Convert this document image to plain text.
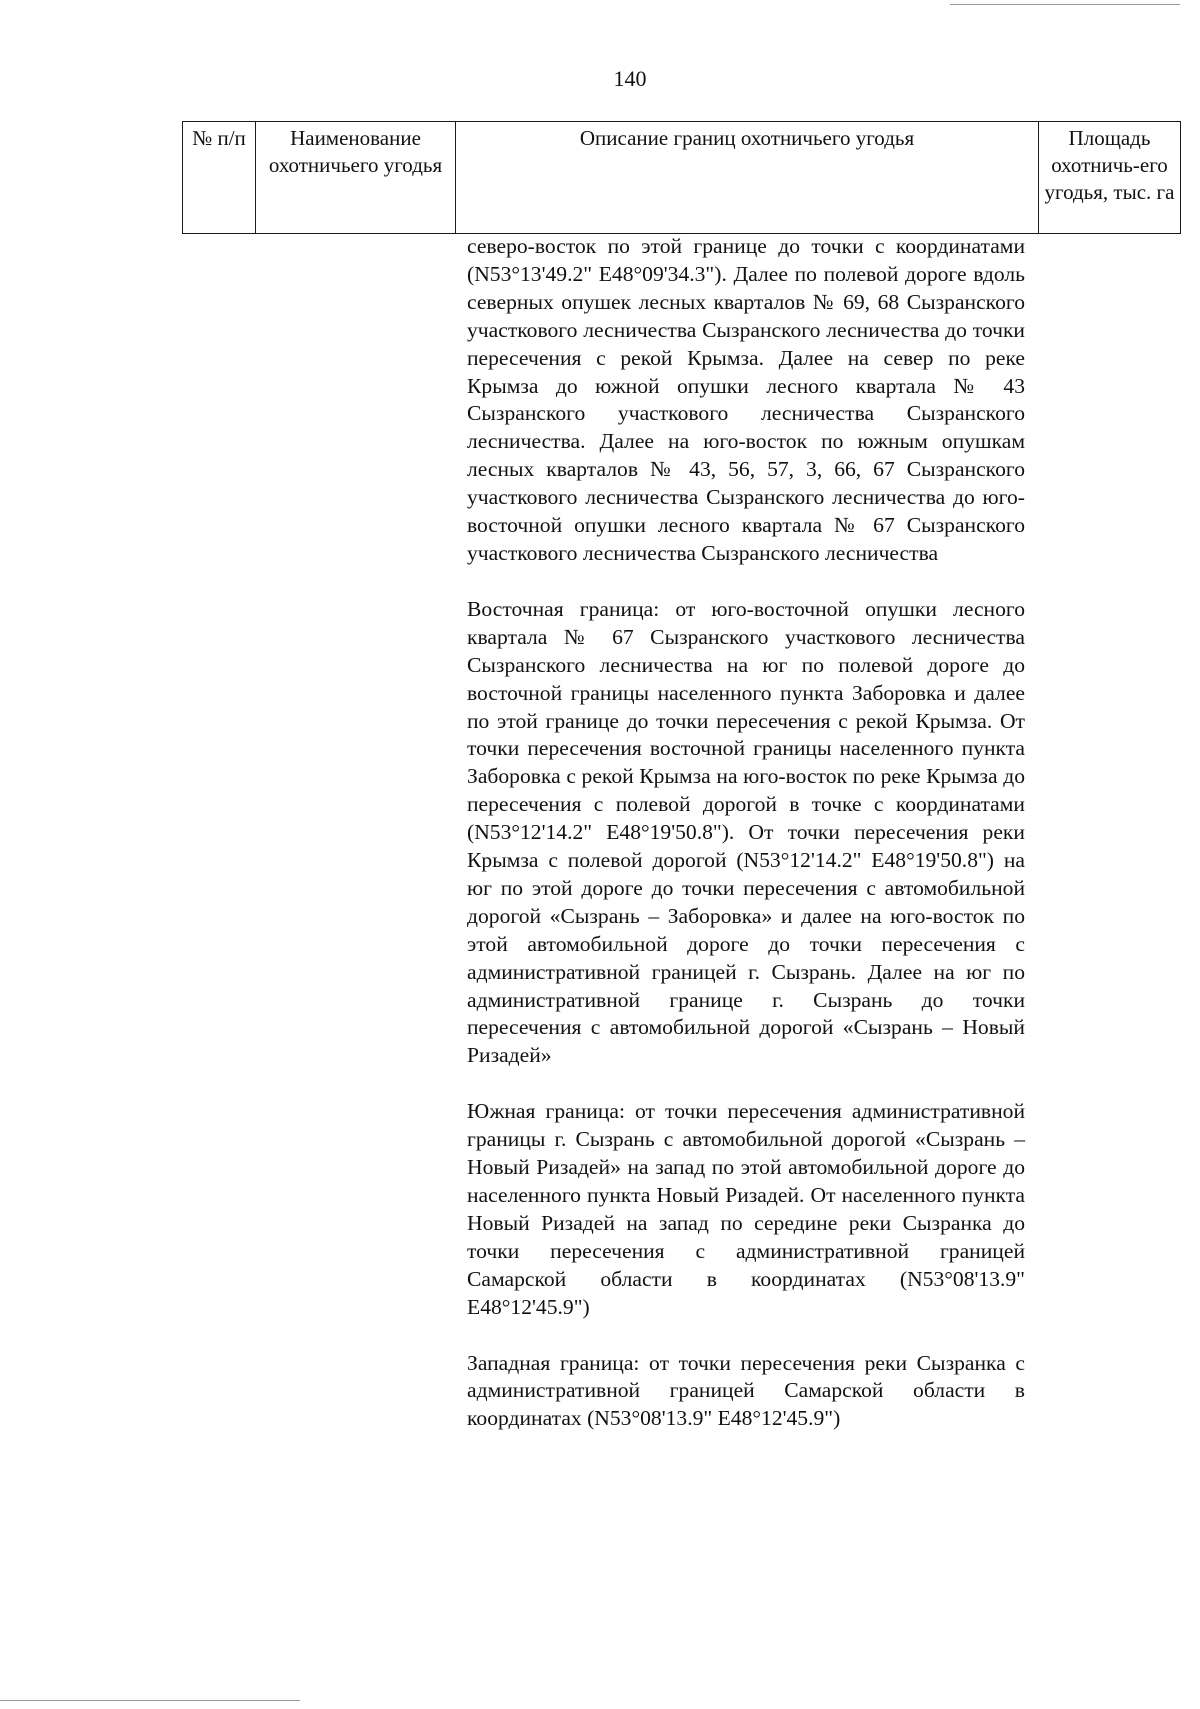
140
№ п/п	Наименование охотничьего угодья	Описание границ охотничьего угодья	Площадь охотничь-его угодья, тыс. га

северо-восток по этой границе до точки с координатами (N53°13'49.2" E48°09'34.3"). Далее по полевой дороге вдоль северных опушек лесных кварталов № 69, 68 Сызранского участкового лесничества Сызранского лесничества до точки пересечения с рекой Крымза. Далее на север по реке Крымза до южной опушки лесного квартала № 43 Сызранского участкового лесничества Сызранского лесничества. Далее на юго-восток по южным опушкам лесных кварталов № 43, 56, 57, 3, 66, 67 Сызранского участкового лесничества Сызранского лесничества до юго-восточной опушки лесного квартала № 67 Сызранского участкового лесничества Сызранского лесничества

Восточная граница: от юго-восточной опушки лесного квартала № 67 Сызранского участкового лесничества Сызранского лесничества на юг по полевой дороге до восточной границы населенного пункта Заборовка и далее по этой границе до точки пересечения с рекой Крымза. От точки пересечения восточной границы населенного пункта Заборовка с рекой Крымза на юго-восток по реке Крымза до пересечения с полевой дорогой в точке с координатами (N53°12'14.2" E48°19'50.8"). От точки пересечения реки Крымза с полевой дорогой (N53°12'14.2" E48°19'50.8") на юг по этой дороге до точки пересечения с автомобильной дорогой «Сызрань – Заборовка» и далее на юго-восток по этой автомобильной дороге до точки пересечения с административной границей г. Сызрань. Далее на юг по административной границе г. Сызрань до точки пересечения с автомобильной дорогой «Сызрань – Новый Ризадей»

Южная граница: от точки пересечения административной границы г. Сызрань с автомобильной дорогой «Сызрань – Новый Ризадей» на запад по этой автомобильной дороге до населенного пункта Новый Ризадей. От населенного пункта Новый Ризадей на запад по середине реки Сызранка до точки пересечения с административной границей Самарской области в координатах (N53°08'13.9" E48°12'45.9")

Западная граница: от точки пересечения реки Сызранка с административной границей Самарской области в координатах (N53°08'13.9" E48°12'45.9")
